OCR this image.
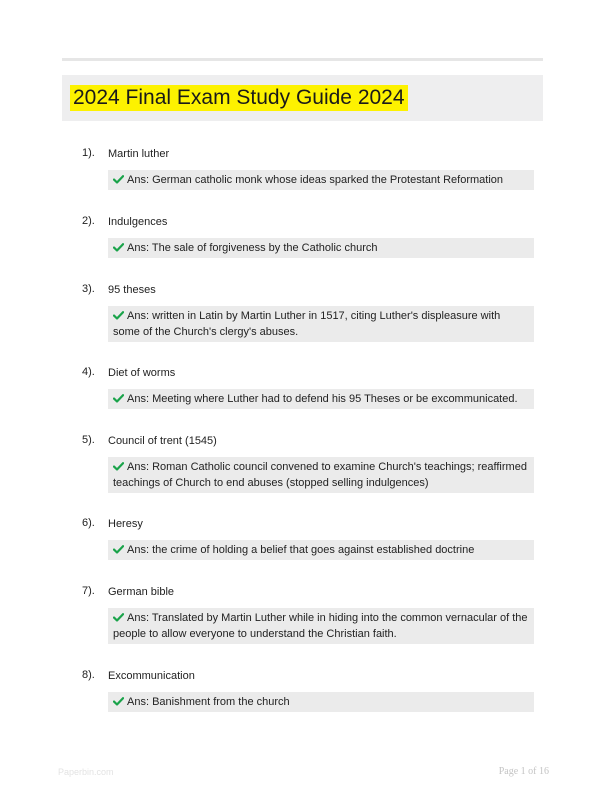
2024 Final Exam Study Guide 2024
1). Martin luther
Ans: German catholic monk whose ideas sparked the Protestant Reformation
2). Indulgences
Ans: The sale of forgiveness by the Catholic church
3). 95 theses
Ans: written in Latin by Martin Luther in 1517, citing Luther's displeasure with some of the Church's clergy's abuses.
4). Diet of worms
Ans: Meeting where Luther had to defend his 95 Theses or be excommunicated.
5). Council of trent (1545)
Ans: Roman Catholic council convened to examine Church's teachings; reaffirmed teachings of Church to end abuses (stopped selling indulgences)
6). Heresy
Ans: the crime of holding a belief that goes against established doctrine
7). German bible
Ans: Translated by Martin Luther while in hiding into the common vernacular of the people to allow everyone to understand the Christian faith.
8). Excommunication
Ans: Banishment from the church
Paperbin.com	Page 1 of 16
